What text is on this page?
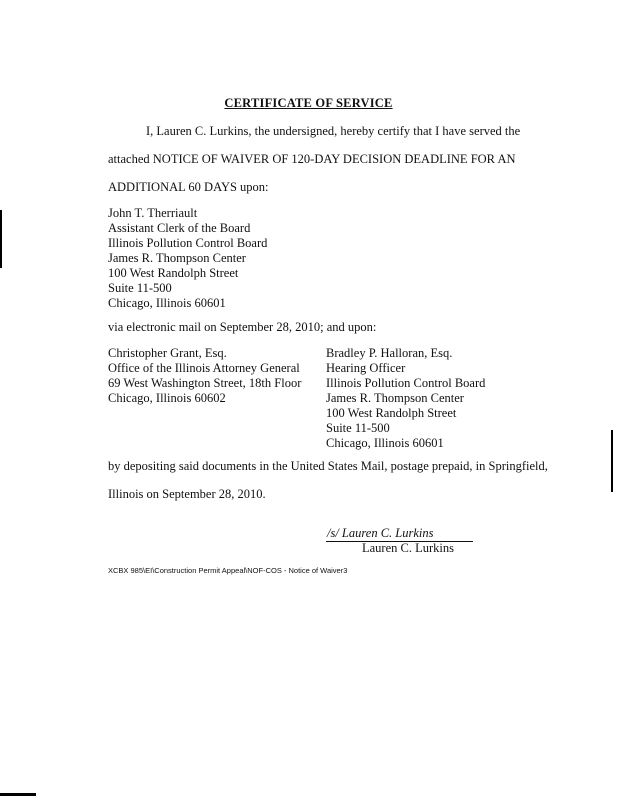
CERTIFICATE OF SERVICE
I, Lauren C. Lurkins, the undersigned, hereby certify that I have served the
attached NOTICE OF WAIVER OF 120-DAY DECISION DEADLINE FOR AN
ADDITIONAL 60 DAYS upon:
John T. Therriault
Assistant Clerk of the Board
Illinois Pollution Control Board
James R. Thompson Center
100 West Randolph Street
Suite 11-500
Chicago, Illinois 60601
via electronic mail on September 28, 2010; and upon:
Christopher Grant, Esq.
Office of the Illinois Attorney General
69 West Washington Street, 18th Floor
Chicago, Illinois 60602
Bradley P. Halloran, Esq.
Hearing Officer
Illinois Pollution Control Board
James R. Thompson Center
100 West Randolph Street
Suite 11-500
Chicago, Illinois 60601
by depositing said documents in the United States Mail, postage prepaid, in Springfield,
Illinois on September 28, 2010.
/s/ Lauren C. Lurkins
Lauren C. Lurkins
XCBX 985\EI\Construction Permit Appeal\NOF-COS - Notice of Waiver3
